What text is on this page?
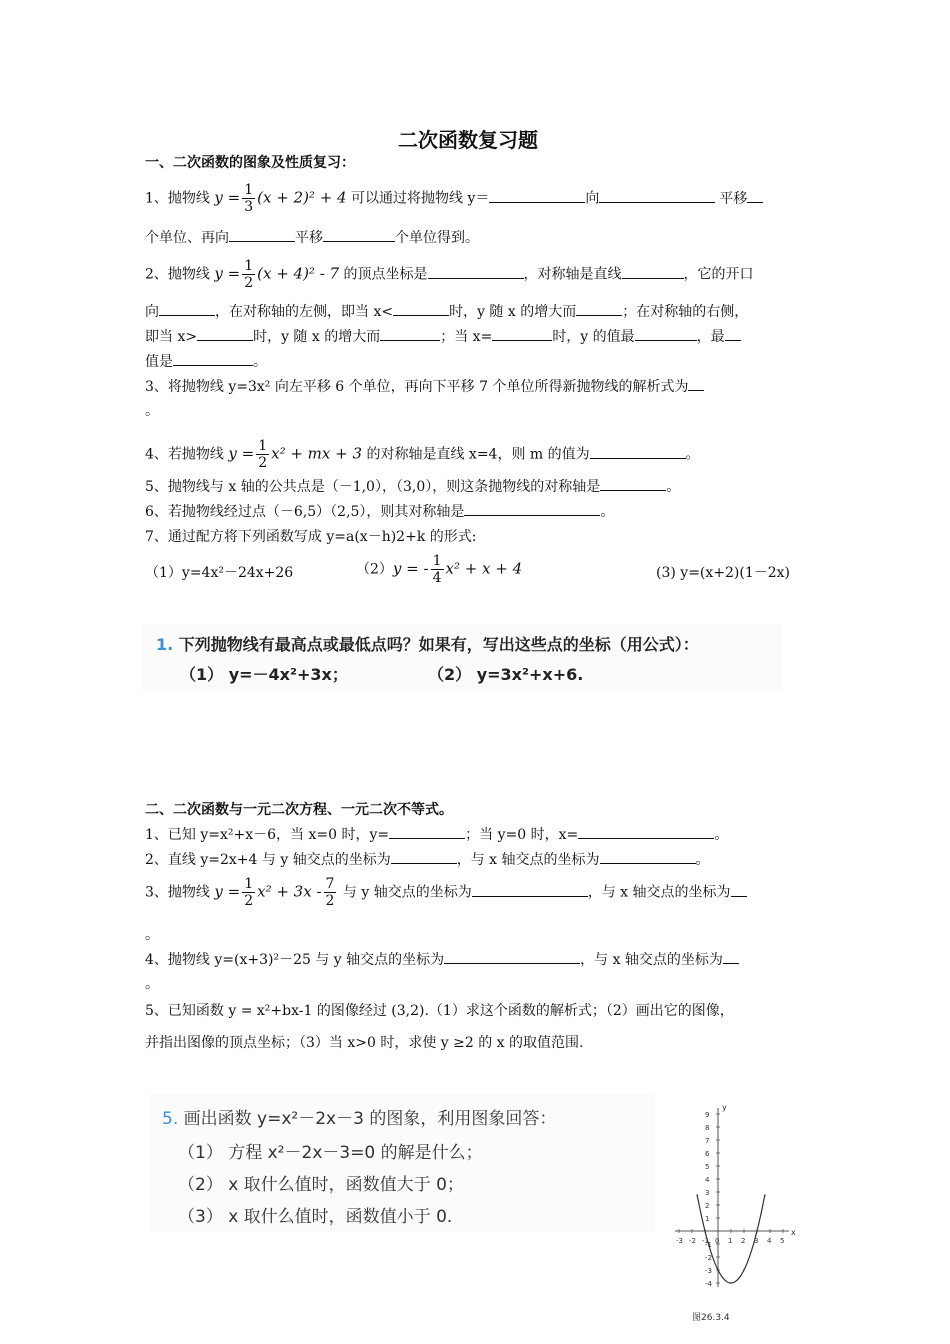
二次函数复习题
一、二次函数的图象及性质复习：
1、抛物线 $y = \frac{1}{3} (x + 2)^2 + 4$ 可以通过将抛物线 y＝	向	平移
个单位、再向	平移	个单位得到。
2、抛物线 $y = \frac{1}{2} (x + 4)^2 - 7$ 的顶点坐标是	，对称轴是直线	，它的开口
向	，在对称轴的左侧，即当 x<	时，y 随 x 的增大而	；在对称轴的右侧，
即当 x>	时，y 随 x 的增大而	；当 x=	时，y 的值最	，最
值是	。
3、将抛物线 y=3x² 向左平移 6 个单位，再向下平移 7 个单位所得新抛物线的解析式为
。
4、若抛物线 $y = \frac{1}{2} x^2$ + mx + 3 的对称轴是直线 x=4，则 m 的值为	。
5、抛物线与 x 轴的公共点是（－1,0），（3,0），则这条抛物线的对称轴是	。
6、若抛物线经过点（－6,5）（2,5），则其对称轴是	。
7、通过配方将下列函数写成 y=a(x－h)2+k 的形式:
（1）y=4x²－24x+26	（2）y = - $\frac{1}{4} x^2 + x + 4$	(3) y=(x+2)(1－2x)
1. 下列抛物线有最高点或最低点吗？如果有，写出这些点的坐标（用公式）：
（1） y=－4x²+3x；	（2） y=3x²+x+6.
二、二次函数与一元二次方程、一元二次不等式。
1、已知 y=x²+x－6，当 x=0 时，y=	；当 y=0 时，x=	。
2、直线 y=2x+4 与 y 轴交点的坐标为	，与 x 轴交点的坐标为	。
3、抛物线 $y = \frac{1}{2} x^2 + 3x - \frac{7}{2}$ 与 y 轴交点的坐标为	，与 x 轴交点的坐标为
。
4、抛物线 y=(x+3)²－25 与 y 轴交点的坐标为	，与 x 轴交点的坐标为
。
5、已知函数 y = x²+bx-1 的图像经过 (3,2).（1）求这个函数的解析式；（2）画出它的图像，
并指出图像的顶点坐标；（3）当 x>0 时，求使 y ≥2 的 x 的取值范围.
5. 画出函数 y=x²－2x－3 的图象，利用图象回答：
（1） 方程 x²－2x－3=0 的解是什么；
（2） x 取什么值时，函数值大于 0；
（3） x 取什么值时，函数值小于 0.
x
y
-3 -2 -1 0 1 2 3 4 5
9
8
7
6
5
4
3
2
1
-1
-2
-3
-4
图26.3.4
